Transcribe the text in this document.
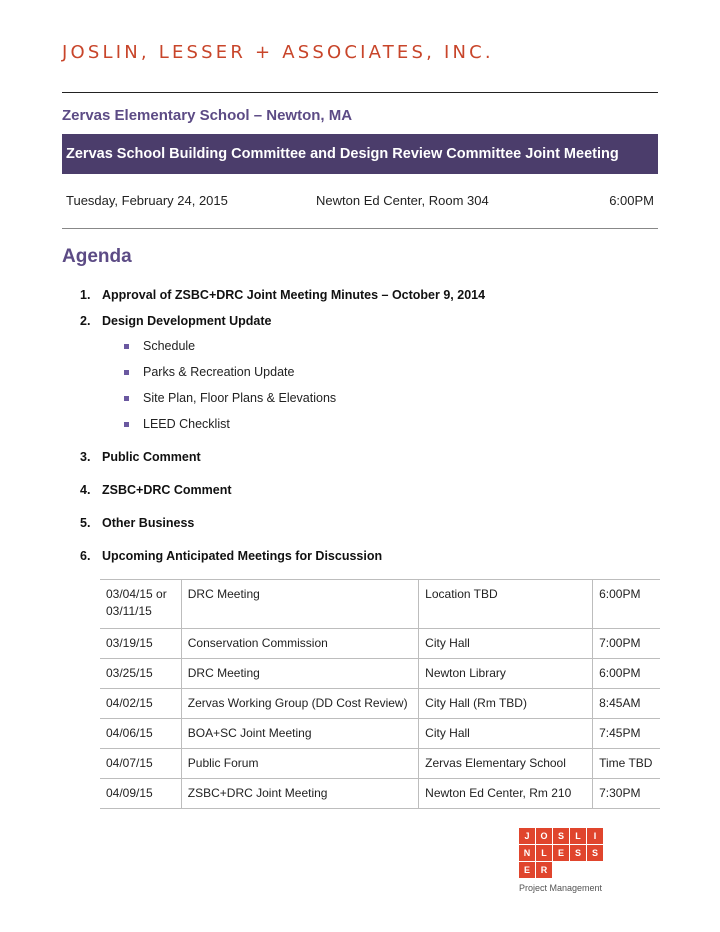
JOSLIN, LESSER + ASSOCIATES, INC.
Zervas Elementary School – Newton, MA
Zervas School Building Committee and Design Review Committee Joint Meeting
Tuesday, February 24, 2015	Newton Ed Center, Room 304	6:00PM
Agenda
1. Approval of ZSBC+DRC Joint Meeting Minutes – October 9, 2014
2. Design Development Update
Schedule
Parks & Recreation Update
Site Plan, Floor Plans & Elevations
LEED Checklist
3. Public Comment
4. ZSBC+DRC Comment
5. Other Business
6. Upcoming Anticipated Meetings for Discussion
03/04/15 or 03/11/15	DRC Meeting	Location TBD	6:00PM
03/19/15	Conservation Commission	City Hall	7:00PM
03/25/15	DRC Meeting	Newton Library	6:00PM
04/02/15	Zervas Working Group (DD Cost Review)	City Hall (Rm TBD)	8:45AM
04/06/15	BOA+SC Joint Meeting	City Hall	7:45PM
04/07/15	Public Forum	Zervas Elementary School	Time TBD
04/09/15	ZSBC+DRC Joint Meeting	Newton Ed Center, Rm 210	7:30PM
J	O	S	L	I
N	L	E	S	S
E	R
Project Management
